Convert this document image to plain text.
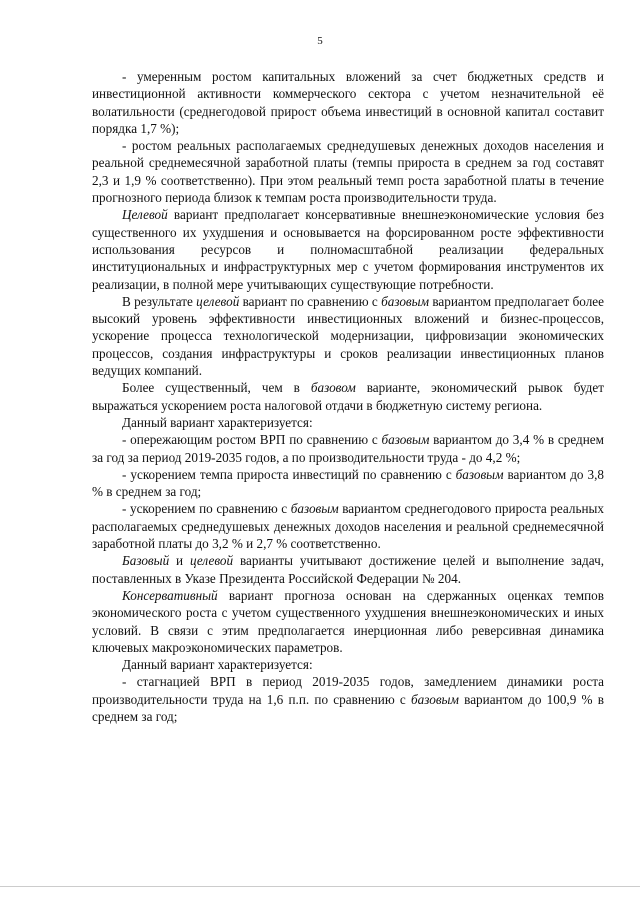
5

- умеренным ростом капитальных вложений за счет бюджетных средств и инвестиционной активности коммерческого сектора с учетом незначительной её волатильности (среднегодовой прирост объема инвестиций в основной капитал составит порядка 1,7 %);

- ростом реальных располагаемых среднедушевых денежных доходов населения и реальной среднемесячной заработной платы (темпы прироста в среднем за год составят 2,3 и 1,9 % соответственно). При этом реальный темп роста заработной платы в течение прогнозного периода близок к темпам роста производительности труда.

Целевой вариант предполагает консервативные внешнеэкономические условия без существенного их ухудшения и основывается на форсированном росте эффективности использования ресурсов и полномасштабной реализации федеральных институциональных и инфраструктурных мер с учетом формирования инструментов их реализации, в полной мере учитывающих существующие потребности.

В результате целевой вариант по сравнению с базовым вариантом предполагает более высокий уровень эффективности инвестиционных вложений и бизнес-процессов, ускорение процесса технологической модернизации, цифровизации экономических процессов, создания инфраструктуры и сроков реализации инвестиционных планов ведущих компаний.

Более существенный, чем в базовом варианте, экономический рывок будет выражаться ускорением роста налоговой отдачи в бюджетную систему региона.

Данный вариант характеризуется:

- опережающим ростом ВРП по сравнению с базовым вариантом до 3,4 % в среднем за год за период 2019-2035 годов, а по производительности труда - до 4,2 %;

- ускорением темпа прироста инвестиций по сравнению с базовым вариантом до 3,8 % в среднем за год;

- ускорением по сравнению с базовым вариантом среднегодового прироста реальных располагаемых среднедушевых денежных доходов населения и реальной среднемесячной заработной платы до 3,2 % и 2,7 % соответственно.

Базовый и целевой варианты учитывают достижение целей и выполнение задач, поставленных в Указе Президента Российской Федерации № 204.

Консервативный вариант прогноза основан на сдержанных оценках темпов экономического роста с учетом существенного ухудшения внешнеэкономических и иных условий. В связи с этим предполагается инерционная либо реверсивная динамика ключевых макроэкономических параметров.

Данный вариант характеризуется:

- стагнацией ВРП в период 2019-2035 годов, замедлением динамики роста производительности труда на 1,6 п.п. по сравнению с базовым вариантом до 100,9 % в среднем за год;
